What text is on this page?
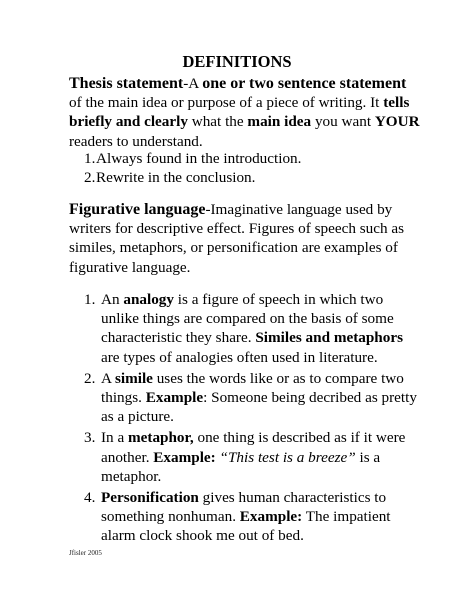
DEFINITIONS

Thesis statement-A one or two sentence statement of the main idea or purpose of a piece of writing. It tells briefly and clearly what the main idea you want YOUR readers to understand.

1. Always found in the introduction.
2. Rewrite in the conclusion.

Figurative language-Imaginative language used by writers for descriptive effect. Figures of speech such as similes, metaphors, or personification are examples of figurative language.

1. An analogy is a figure of speech in which two unlike things are compared on the basis of some characteristic they share. Similes and metaphors are types of analogies often used in literature.
2. A simile uses the words like or as to compare two things. Example: Someone being decribed as pretty as a picture.
3. In a metaphor, one thing is described as if it were another. Example: “This test is a breeze” is a metaphor.
4. Personification gives human characteristics to something nonhuman. Example: The impatient alarm clock shook me out of bed.
Jfisler 2005
